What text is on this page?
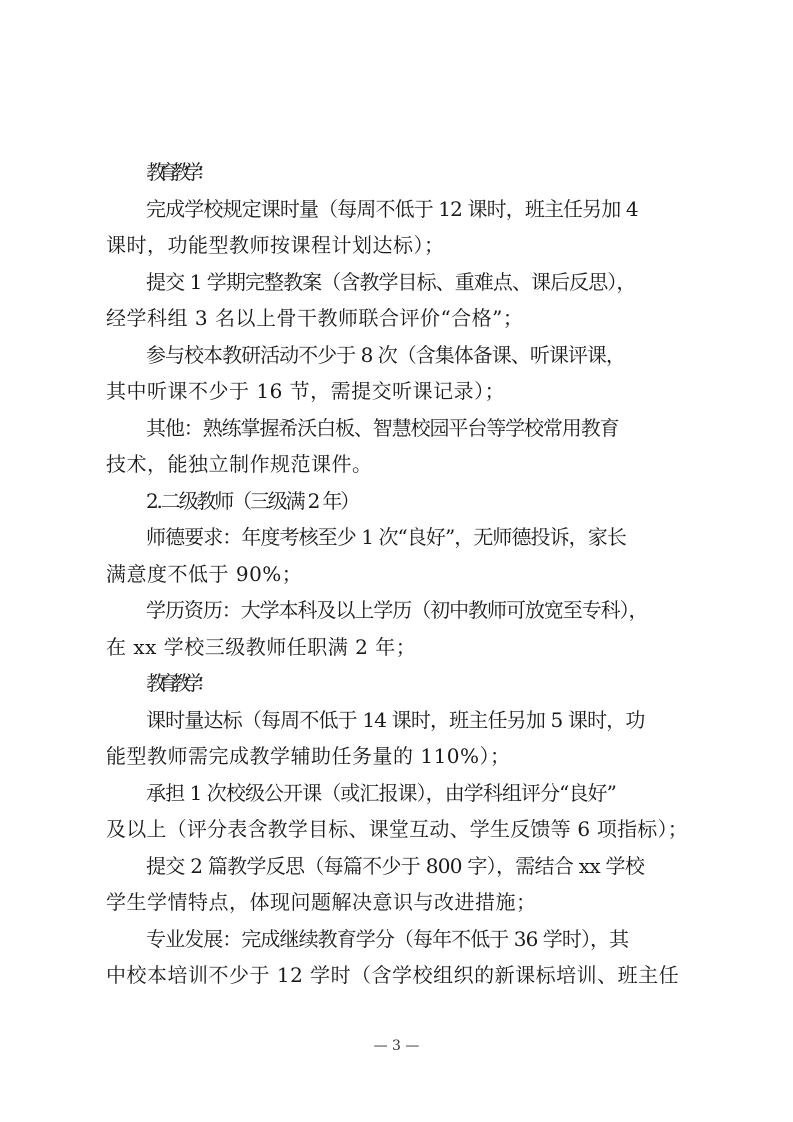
教育教学：
完成学校规定课时量（每周不低于 12 课时，班主任另加 4
课时，功能型教师按课程计划达标）；
提交 1 学期完整教案（含教学目标、重难点、课后反思），
经学科组 3 名以上骨干教师联合评价“合格”；
参与校本教研活动不少于 8 次（含集体备课、听课评课，
其中听课不少于 16 节，需提交听课记录）；
其他：熟练掌握希沃白板、智慧校园平台等学校常用教育
技术，能独立制作规范课件。
2.二级教师（三级满 2 年）
师德要求：年度考核至少 1 次“良好”，无师德投诉，家长
满意度不低于 90%；
学历资历：大学本科及以上学历（初中教师可放宽至专科），
在 xx 学校三级教师任职满 2 年；
教育教学：
课时量达标（每周不低于 14 课时，班主任另加 5 课时，功
能型教师需完成教学辅助任务量的 110%）；
承担 1 次校级公开课（或汇报课），由学科组评分“良好”
及以上（评分表含教学目标、课堂互动、学生反馈等 6 项指标）；
提交 2 篇教学反思（每篇不少于 800 字），需结合 xx 学校
学生学情特点，体现问题解决意识与改进措施；
专业发展：完成继续教育学分（每年不低于 36 学时），其
中校本培训不少于 12 学时（含学校组织的新课标培训、班主任
— 3 —
